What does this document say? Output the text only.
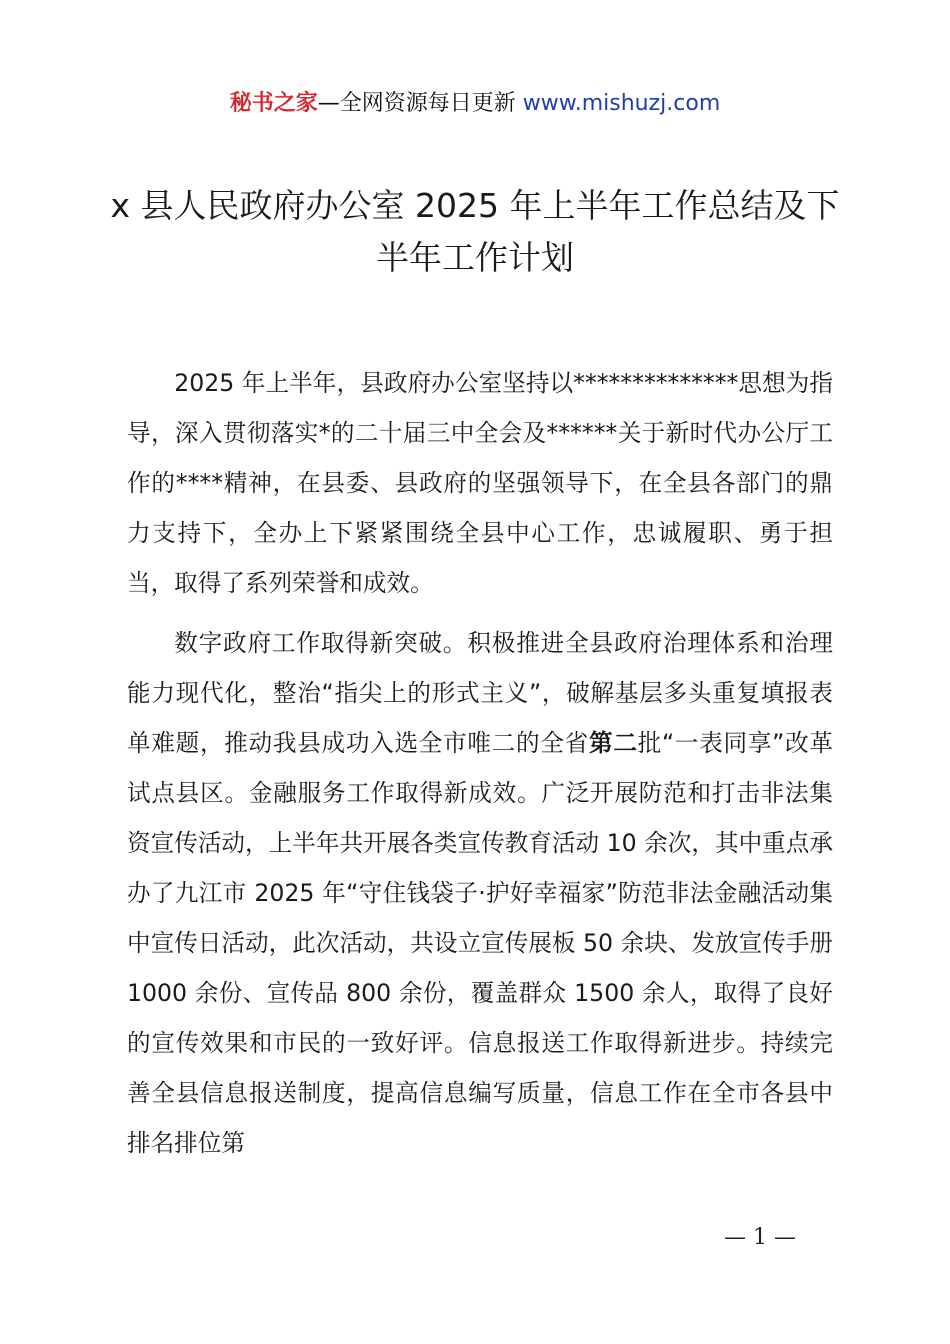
秘书之家—全网资源每日更新 www.mishuzj.com
x 县人民政府办公室 2025 年上半年工作总结及下半年工作计划

2025 年上半年，县政府办公室坚持以**************思想为指导，深入贯彻落实*的二十届三中全会及******关于新时代办公厅工作的****精神，在县委、县政府的坚强领导下，在全县各部门的鼎力支持下，全办上下紧紧围绕全县中心工作，忠诚履职、勇于担当，取得了系列荣誉和成效。

数字政府工作取得新突破。积极推进全县政府治理体系和治理能力现代化，整治“指尖上的形式主义”，破解基层多头重复填报表单难题，推动我县成功入选全市唯二的全省第二批“一表同享”改革试点县区。金融服务工作取得新成效。广泛开展防范和打击非法集资宣传活动，上半年共开展各类宣传教育活动 10 余次，其中重点承办了九江市 2025 年“守住钱袋子·护好幸福家”防范非法金融活动集中宣传日活动，此次活动，共设立宣传展板 50 余块、发放宣传手册 1000 余份、宣传品 800 余份，覆盖群众 1500 余人，取得了良好的宣传效果和市民的一致好评。信息报送工作取得新进步。持续完善全县信息报送制度，提高信息编写质量，信息工作在全市各县中排名排位第

— 1 —
